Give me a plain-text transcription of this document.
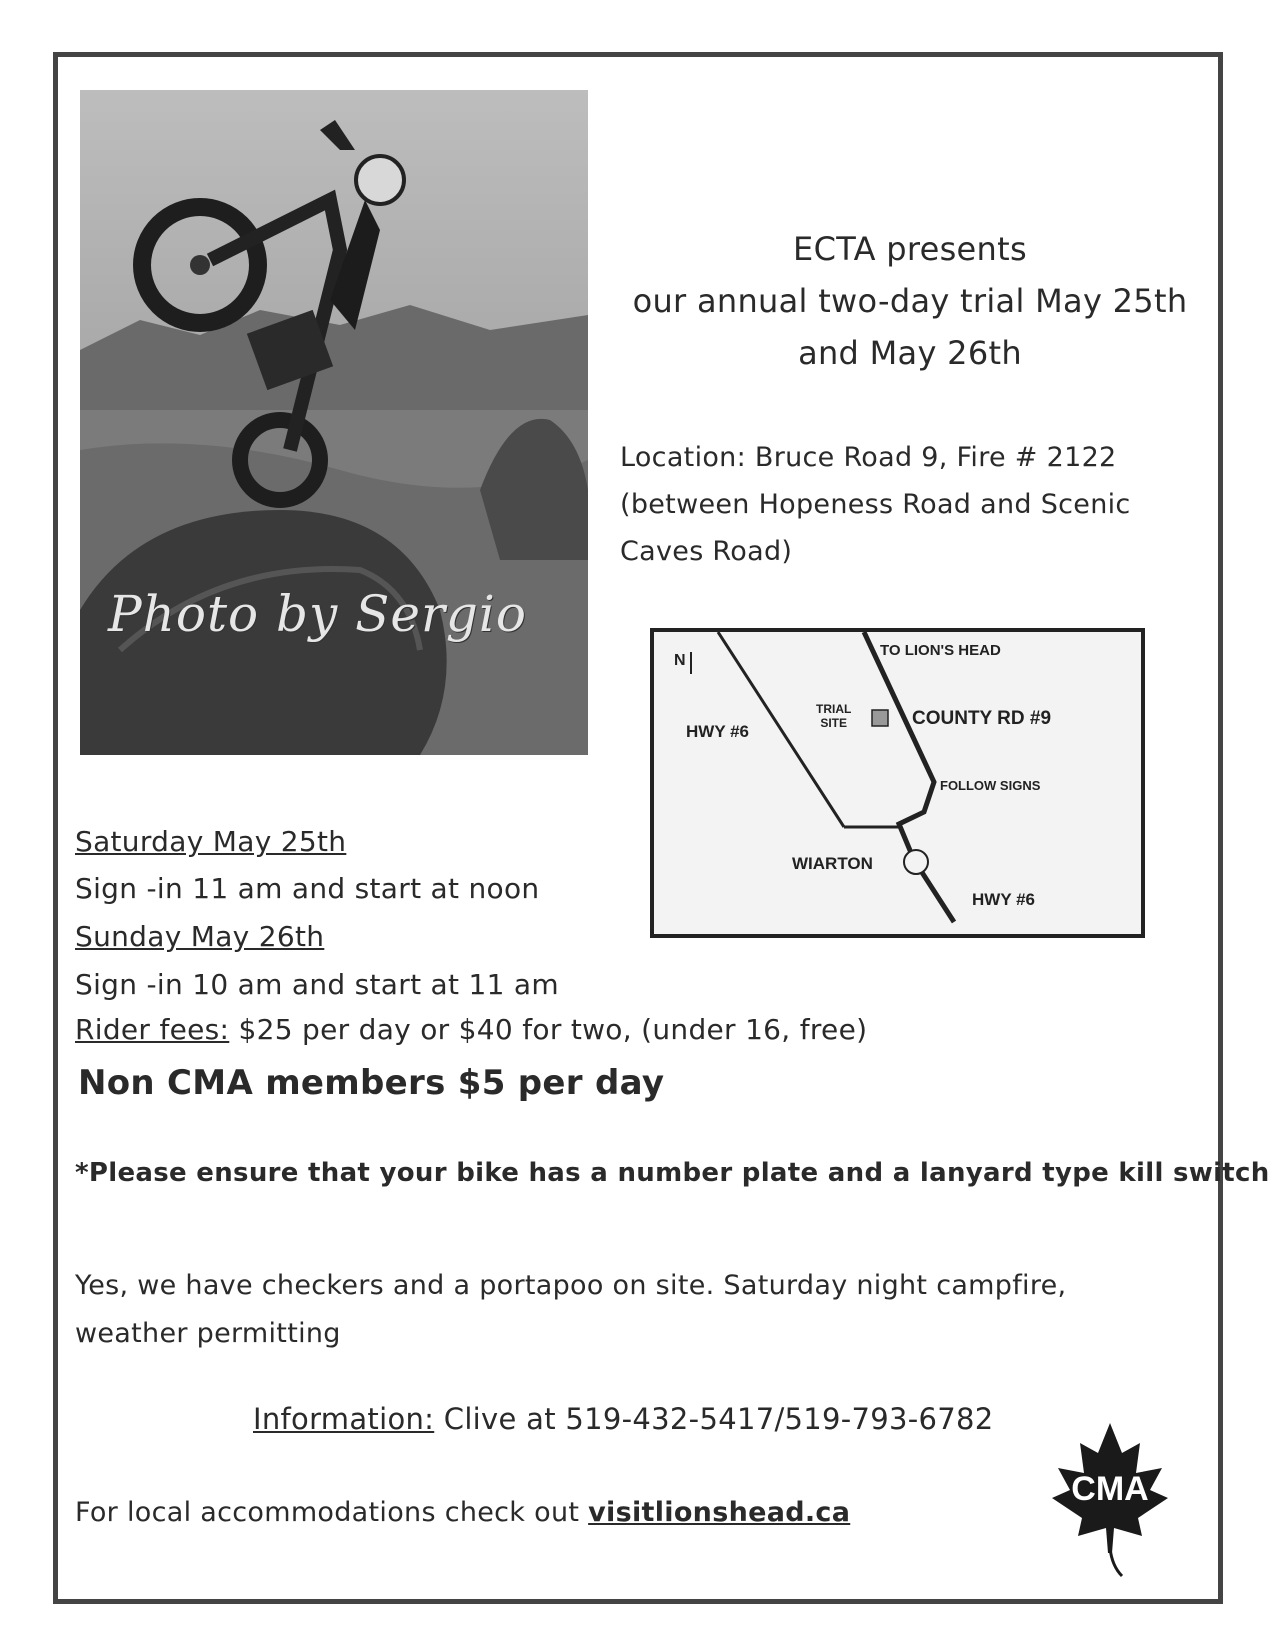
Photo by Sergio
2014
ECTA presents
our annual two-day trial May 25th
and May 26th
Location: Bruce Road 9, Fire # 2122
(between Hopeness Road and Scenic
Caves Road)
N
TO LION'S HEAD
TRIAL
SITE	COUNTY RD #9
HWY #6
FOLLOW SIGNS
WIARTON
HWY #6
Saturday May 25th
Sign -in 11 am and start at noon
Sunday May 26th
Sign -in 10 am and start at 11 am
Rider fees: $25 per day or $40 for two, (under 16, free)
Non CMA members $5 per day
*Please ensure that your bike has a number plate and a lanyard type kill switch
Yes, we have checkers and a portapoo on site. Saturday night campfire,
weather permitting
Information: Clive at 519-432-5417/519-793-6782
For local accommodations check out visitlionshead.ca
CMA
